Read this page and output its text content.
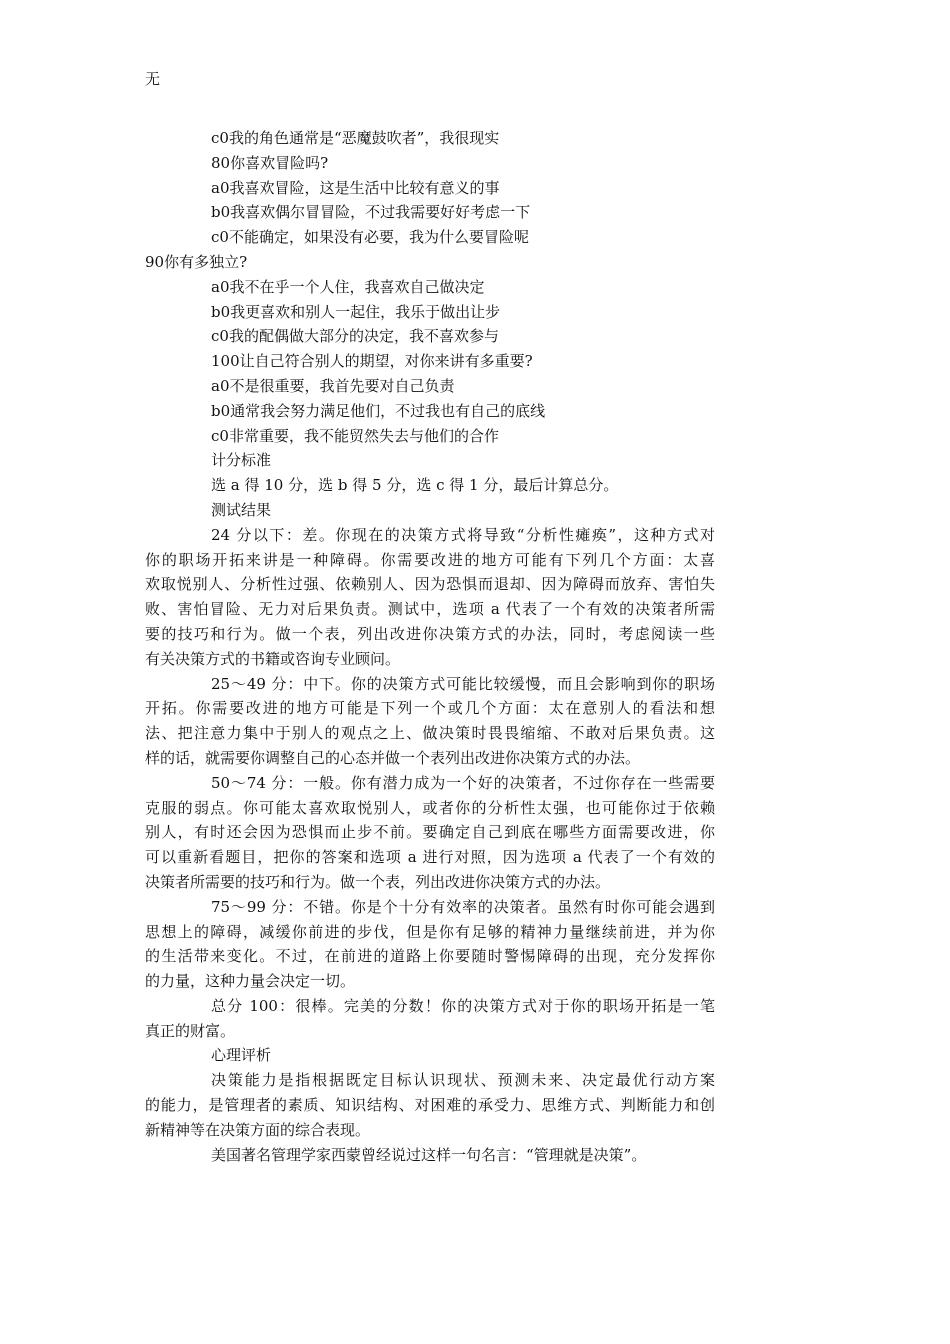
无
c0我的角色通常是“恶魔鼓吹者”，我很现实
80你喜欢冒险吗?
a0我喜欢冒险，这是生活中比较有意义的事
b0我喜欢偶尔冒冒险，不过我需要好好考虑一下
c0不能确定，如果没有必要，我为什么要冒险呢
90你有多独立?
a0我不在乎一个人住，我喜欢自己做决定
b0我更喜欢和别人一起住，我乐于做出让步
c0我的配偶做大部分的决定，我不喜欢参与
100让自己符合别人的期望，对你来讲有多重要?
a0不是很重要，我首先要对自己负责
b0通常我会努力满足他们，不过我也有自己的底线
c0非常重要，我不能贸然失去与他们的合作
计分标准
选 a 得 10 分，选 b 得 5 分，选 c 得 1 分，最后计算总分。
测试结果
24 分以下：差。你现在的决策方式将导致“分析性瘫痪”，这种方式对
你的职场开拓来讲是一种障碍。你需要改进的地方可能有下列几个方面：太喜
欢取悦别人、分析性过强、依赖别人、因为恐惧而退却、因为障碍而放弃、害怕失
败、害怕冒险、无力对后果负责。测试中，选项 a 代表了一个有效的决策者所需
要的技巧和行为。做一个表，列出改进你决策方式的办法，同时，考虑阅读一些
有关决策方式的书籍或咨询专业顾问。
25～49 分：中下。你的决策方式可能比较缓慢，而且会影响到你的职场
开拓。你需要改进的地方可能是下列一个或几个方面：太在意别人的看法和想
法、把注意力集中于别人的观点之上、做决策时畏畏缩缩、不敢对后果负责。这
样的话，就需要你调整自己的心态并做一个表列出改进你决策方式的办法。
50～74 分：一般。你有潜力成为一个好的决策者，不过你存在一些需要
克服的弱点。你可能太喜欢取悦别人，或者你的分析性太强，也可能你过于依赖
别人，有时还会因为恐惧而止步不前。要确定自己到底在哪些方面需要改进，你
可以重新看题目，把你的答案和选项 a 进行对照，因为选项 a 代表了一个有效的
决策者所需要的技巧和行为。做一个表，列出改进你决策方式的办法。
75～99 分：不错。你是个十分有效率的决策者。虽然有时你可能会遇到
思想上的障碍，减缓你前进的步伐，但是你有足够的精神力量继续前进，并为你
的生活带来变化。不过，在前进的道路上你要随时警惕障碍的出现，充分发挥你
的力量，这种力量会决定一切。
总分 100：很棒。完美的分数！你的决策方式对于你的职场开拓是一笔
真正的财富。
心理评析
决策能力是指根据既定目标认识现状、预测未来、决定最优行动方案
的能力，是管理者的素质、知识结构、对困难的承受力、思维方式、判断能力和创
新精神等在决策方面的综合表现。
美国著名管理学家西蒙曾经说过这样一句名言：“管理就是决策”。
